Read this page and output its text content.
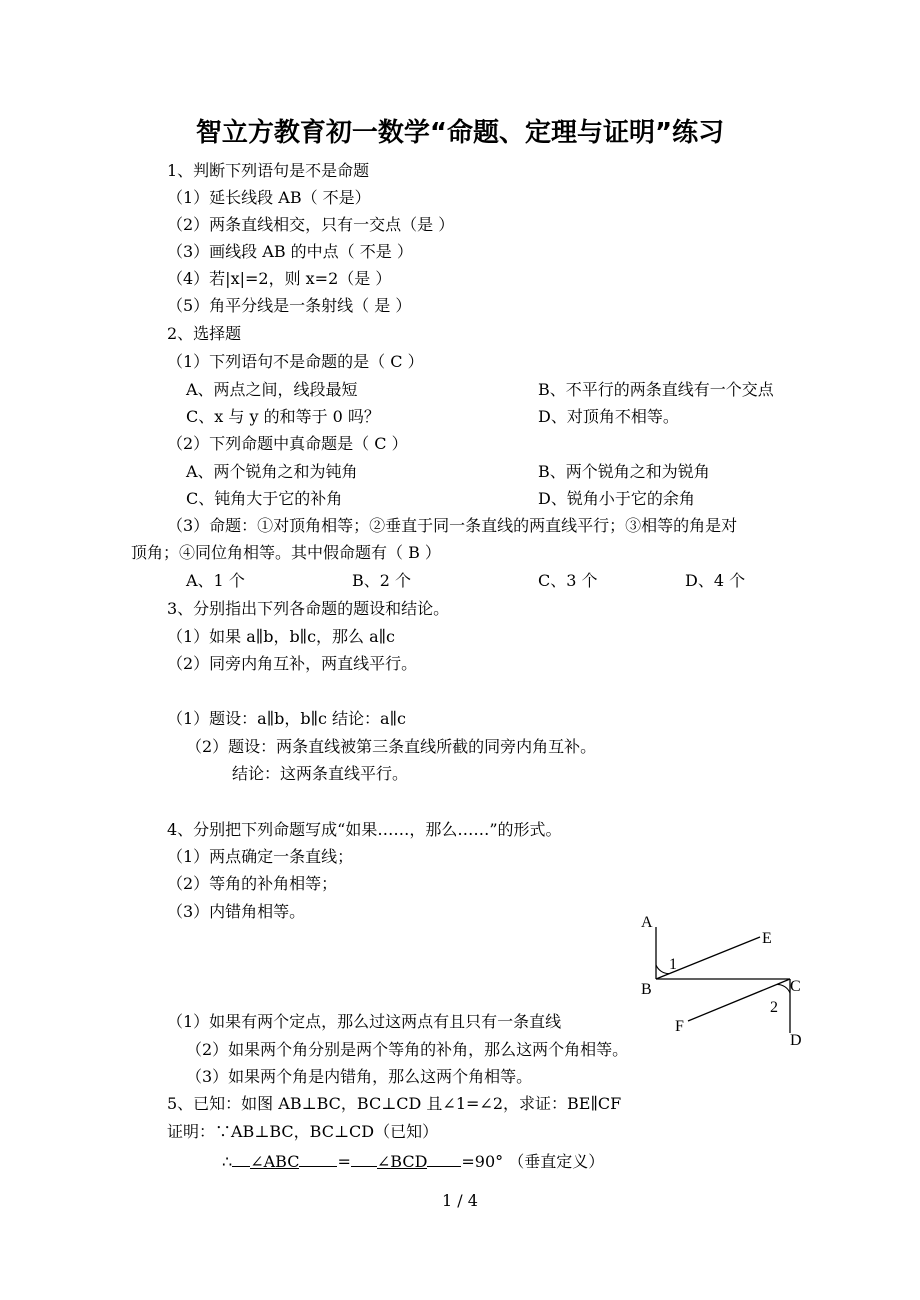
智立方教育初一数学“命题、定理与证明”练习
1、判断下列语句是不是命题
（1）延长线段 AB（ 不是）
（2）两条直线相交，只有一交点（是 ）
（3）画线段 AB 的中点（ 不是 ）
（4）若|x|=2，则 x=2（是 ）
（5）角平分线是一条射线（ 是 ）
2、选择题
（1）下列语句不是命题的是（ C ）
A、两点之间，线段最短	B、不平行的两条直线有一个交点
C、x 与 y 的和等于 0 吗？	D、对顶角不相等。
（2）下列命题中真命题是（ C ）
A、两个锐角之和为钝角	B、两个锐角之和为锐角
C、钝角大于它的补角	D、锐角小于它的余角
（3）命题：①对顶角相等；②垂直于同一条直线的两直线平行；③相等的角是对
顶角；④同位角相等。其中假命题有（ B ）
A、1 个	B、2 个	C、3 个	D、4 个
3、分别指出下列各命题的题设和结论。
（1）如果 a∥b，b∥c，那么 a∥c
（2）同旁内角互补，两直线平行。
（1）题设：a∥b，b∥c 结论：a∥c
（2）题设：两条直线被第三条直线所截的同旁内角互补。
结论：这两条直线平行。
4、分别把下列命题写成“如果……，那么……”的形式。
（1）两点确定一条直线；
（2）等角的补角相等；
（3）内错角相等。
（1）如果有两个定点，那么过这两点有且只有一条直线
（2）如果两个角分别是两个等角的补角，那么这两个角相等。
（3）如果两个角是内错角，那么这两个角相等。
5、已知：如图 AB⊥BC，BC⊥CD 且∠1=∠2，求证：BE∥CF
证明：∵AB⊥BC，BC⊥CD（已知）
∴ ∠ABC = ∠BCD =90° （垂直定义）
A
B	C
D
E
F
1
2
1 / 4
